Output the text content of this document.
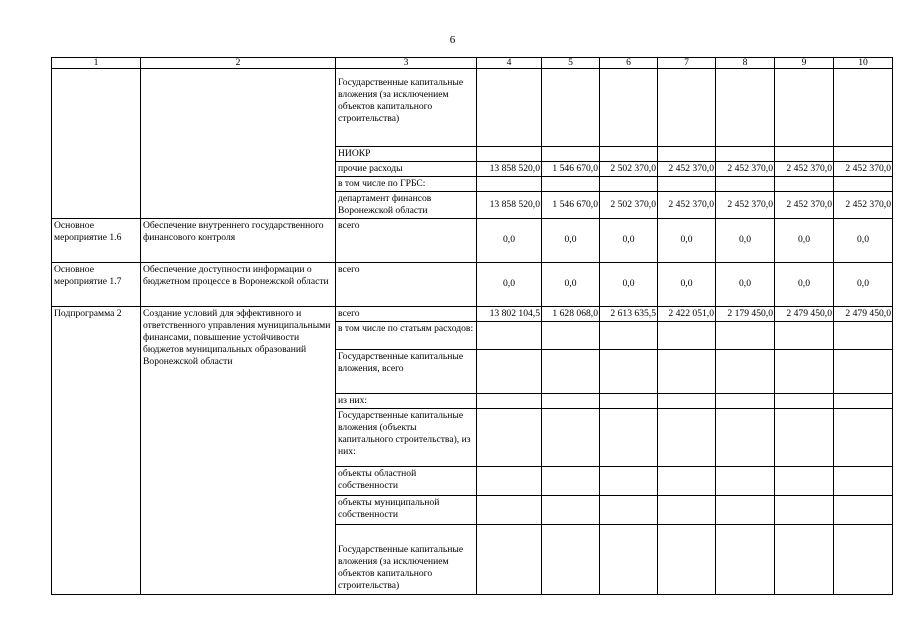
6
1	2	3	4	5	6	7	8	9	10
		Государственные капитальные вложения (за исключением объектов капитального строительства)							
		НИОКР							
		прочие расходы	13 858 520,0	1 546 670,0	2 502 370,0	2 452 370,0	2 452 370,0	2 452 370,0	2 452 370,0
		в том числе по ГРБС:							
		департамент финансов Воронежской области	13 858 520,0	1 546 670,0	2 502 370,0	2 452 370,0	2 452 370,0	2 452 370,0	2 452 370,0
Основное мероприятие 1.6	Обеспечение внутреннего государственного финансового контроля	всего	0,0	0,0	0,0	0,0	0,0	0,0	0,0
Основное мероприятие 1.7	Обеспечение доступности информации о бюджетном процессе в Воронежской области	всего	0,0	0,0	0,0	0,0	0,0	0,0	0,0
Подпрограмма 2	Создание условий для эффективного и ответственного управления муниципальными финансами, повышение устойчивости бюджетов муниципальных образований Воронежской области	всего	13 802 104,5	1 628 068,0	2 613 635,5	2 422 051,0	2 179 450,0	2 479 450,0	2 479 450,0
		в том числе по статьям расходов:							
		Государственные капитальные вложения, всего							
		из них:							
		Государственные капитальные вложения (объекты капитального строительства), из них:							
		объекты областной собственности							
		объекты муниципальной собственности							
		Государственные капитальные вложения (за исключением объектов капитального строительства)							
